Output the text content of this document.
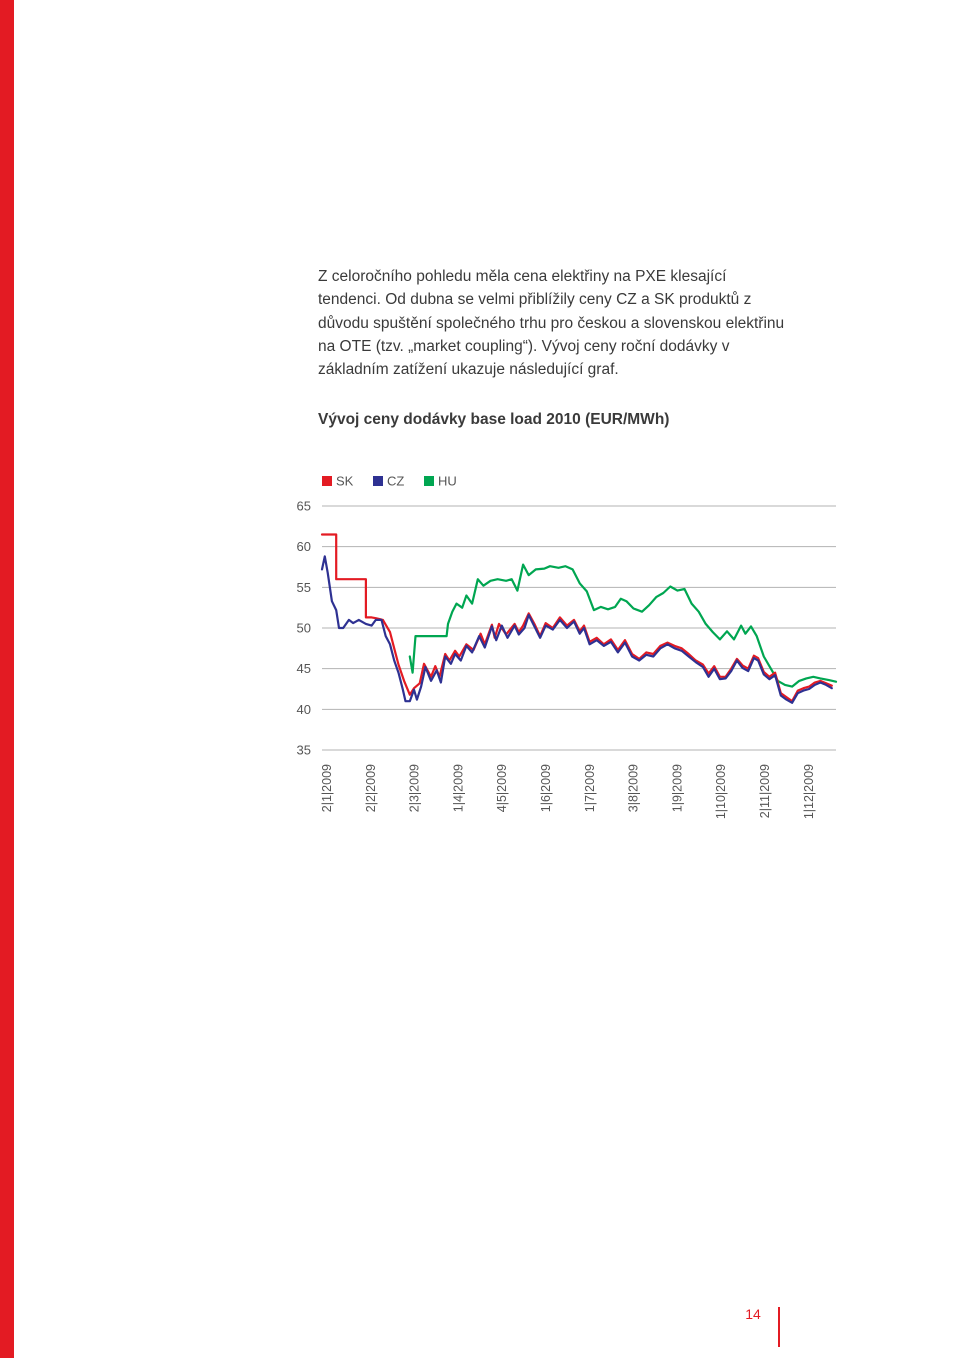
Z celoročního pohledu měla cena elektřiny na PXE klesající tendenci. Od dubna se velmi přiblížily ceny CZ a SK produktů z důvodu spuštění společného trhu pro českou a slovenskou elektřinu na OTE (tzv. „market coupling“). Vývoj ceny roční dodávky v základním zatížení ukazuje následující graf.

Vývoj ceny dodávky base load 2010 (EUR/MWh)
65
60
55
50
45
40
35
2|1|2009 2|2|2009 2|3|2009 1|4|2009 4|5|2009 1|6|2009 1|7|2009 3|8|2009 1|9|2009 1|10|2009 2|11|2009 1|12|2009
SK	CZ	HU
14
